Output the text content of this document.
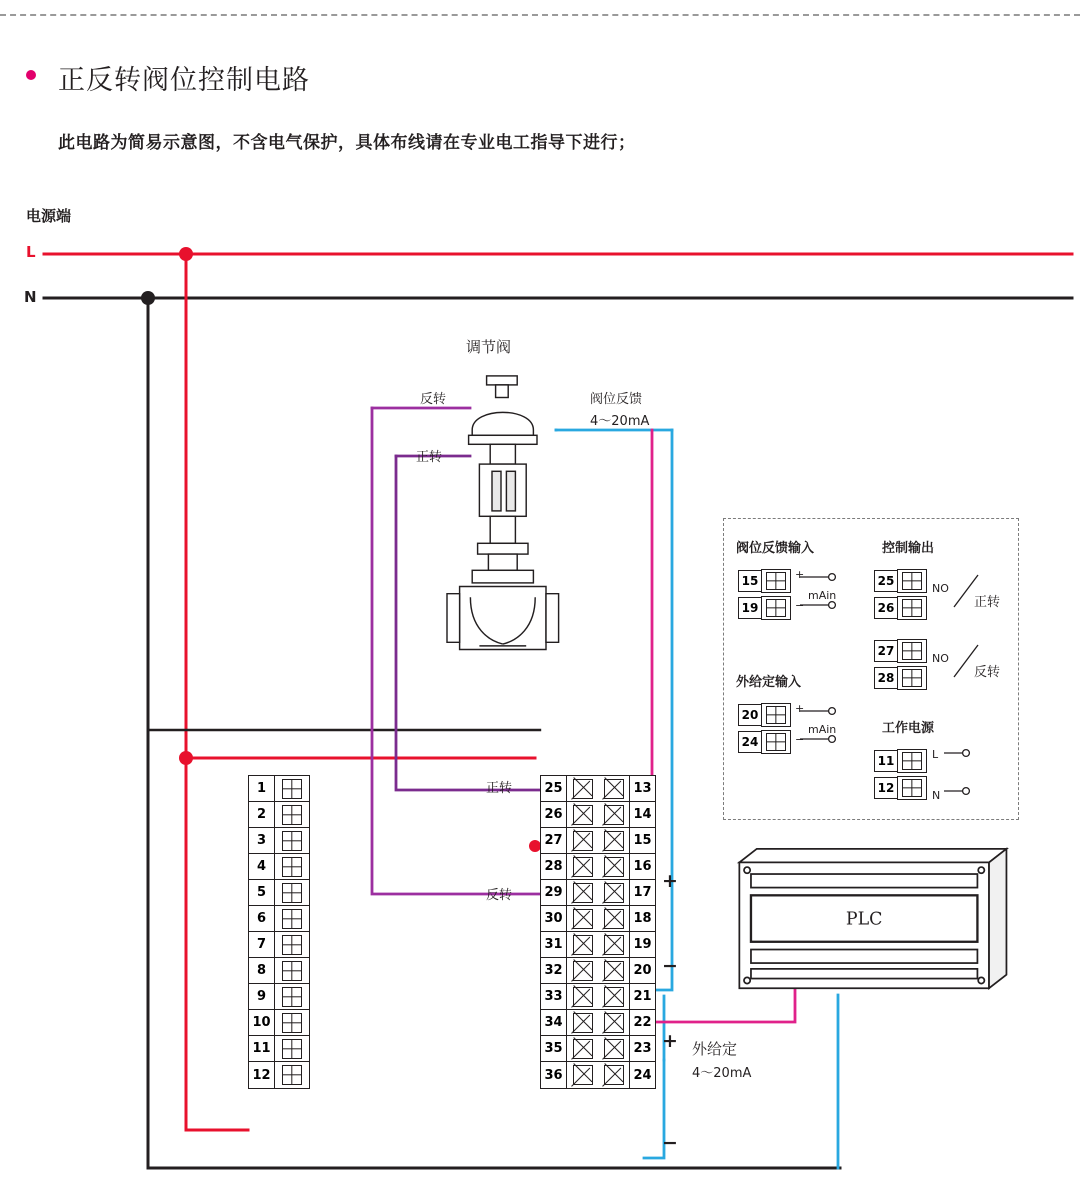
正反转阀位控制电路
此电路为简易示意图，不含电气保护，具体布线请在专业电工指导下进行；
电源端
L
N
调节阀
反转
正转
阀位反馈
4～20mA
阀位反馈输入	控制输出
外给定输入
工作电源
15	+
19	−
mAin
20	+
24	−
mAin
25
NO
26	正转
27
NO
28	反转
11	L
12
N
1
2
3
4
5
6
7
8
9
10
11
12
25	13
26	14
27	15
28	16
29	17
30	18
31	19
32	20
33	21
34	22
35	23
36	24
正转
反转
+
−
+
−
外给定
4～20mA
PLC
